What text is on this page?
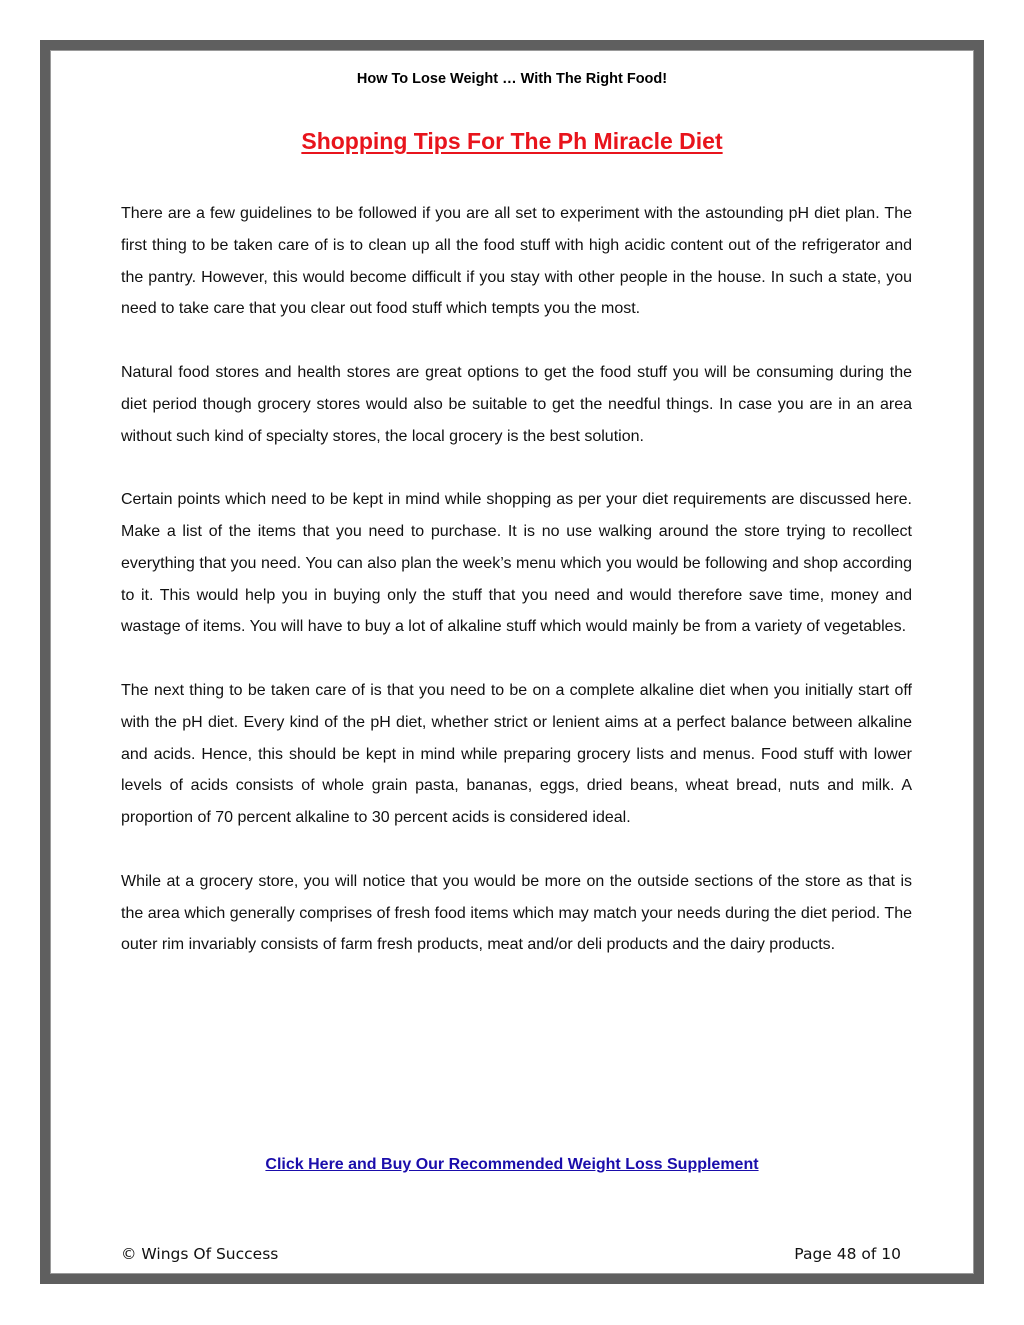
How To Lose Weight … With The Right Food!
Shopping Tips For The Ph Miracle Diet

There are a few guidelines to be followed if you are all set to experiment with the astounding pH diet plan. The first thing to be taken care of is to clean up all the food stuff with high acidic content out of the refrigerator and the pantry. However, this would become difficult if you stay with other people in the house. In such a state, you need to take care that you clear out food stuff which tempts you the most.

Natural food stores and health stores are great options to get the food stuff you will be consuming during the diet period though grocery stores would also be suitable to get the needful things. In case you are in an area without such kind of specialty stores, the local grocery is the best solution.

Certain points which need to be kept in mind while shopping as per your diet requirements are discussed here. Make a list of the items that you need to purchase. It is no use walking around the store trying to recollect everything that you need. You can also plan the week’s menu which you would be following and shop according to it. This would help you in buying only the stuff that you need and would therefore save time, money and wastage of items. You will have to buy a lot of alkaline stuff which would mainly be from a variety of vegetables.

The next thing to be taken care of is that you need to be on a complete alkaline diet when you initially start off with the pH diet. Every kind of the pH diet, whether strict or lenient aims at a perfect balance between alkaline and acids. Hence, this should be kept in mind while preparing grocery lists and menus. Food stuff with lower levels of acids consists of whole grain pasta, bananas, eggs, dried beans, wheat bread, nuts and milk. A proportion of 70 percent alkaline to 30 percent acids is considered ideal.

While at a grocery store, you will notice that you would be more on the outside sections of the store as that is the area which generally comprises of fresh food items which may match your needs during the diet period. The outer rim invariably consists of farm fresh products, meat and/or deli products and the dairy products.

Click Here and Buy Our Recommended Weight Loss Supplement
© Wings Of Success	Page 48 of 10
